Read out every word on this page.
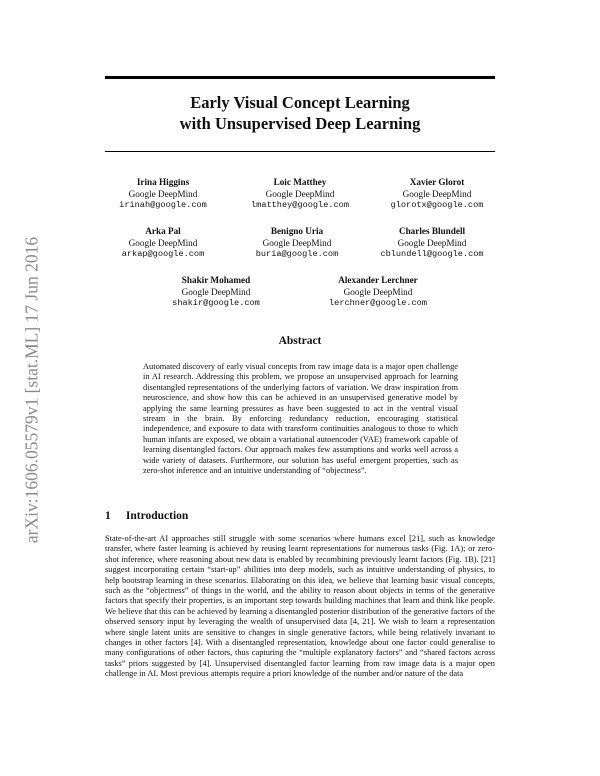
arXiv:1606.05579v1 [stat.ML] 17 Jun 2016
Early Visual Concept Learning
with Unsupervised Deep Learning
Irina Higgins
Google DeepMind
irinah@google.com
Loic Matthey
Google DeepMind
lmatthey@google.com
Xavier Glorot
Google DeepMind
glorotx@google.com
Arka Pal
Google DeepMind
arkap@google.com
Benigno Uria
Google DeepMind
buria@google.com
Charles Blundell
Google DeepMind
cblundell@google.com
Shakir Mohamed
Google DeepMind
shakir@google.com
Alexander Lerchner
Google DeepMind
lerchner@google.com
Abstract

Automated discovery of early visual concepts from raw image data is a major open challenge in AI research. Addressing this problem, we propose an unsupervised approach for learning disentangled representations of the underlying factors of variation. We draw inspiration from neuroscience, and show how this can be achieved in an unsupervised generative model by applying the same learning pressures as have been suggested to act in the ventral visual stream in the brain. By enforcing redundancy reduction, encouraging statistical independence, and exposure to data with transform continuities analogous to those to which human infants are exposed, we obtain a variational autoencoder (VAE) framework capable of learning disentangled factors. Our approach makes few assumptions and works well across a wide variety of datasets. Furthermore, our solution has useful emergent properties, such as zero-shot inference and an intuitive understanding of “objectness”.

1 Introduction

State-of-the-art AI approaches still struggle with some scenarios where humans excel [21], such as knowledge transfer, where faster learning is achieved by reusing learnt representations for numerous tasks (Fig. 1A); or zero-shot inference, where reasoning about new data is enabled by recombining previously learnt factors (Fig. 1B). [21] suggest incorporating certain “start-up” abilities into deep models, such as intuitive understanding of physics, to help bootstrap learning in these scenarios. Elaborating on this idea, we believe that learning basic visual concepts, such as the “objectness” of things in the world, and the ability to reason about objects in terms of the generative factors that specify their properties, is an important step towards building machines that learn and think like people. We believe that this can be achieved by learning a disentangled posterior distribution of the generative factors of the observed sensory input by leveraging the wealth of unsupervised data [4, 21]. We wish to learn a representation where single latent units are sensitive to changes in single generative factors, while being relatively invariant to changes in other factors [4]. With a disentangled representation, knowledge about one factor could generalise to many configurations of other factors, thus capturing the “multiple explanatory factors” and “shared factors across tasks” priors suggested by [4]. Unsupervised disentangled factor learning from raw image data is a major open challenge in AI. Most previous attempts require a priori knowledge of the number and/or nature of the data
